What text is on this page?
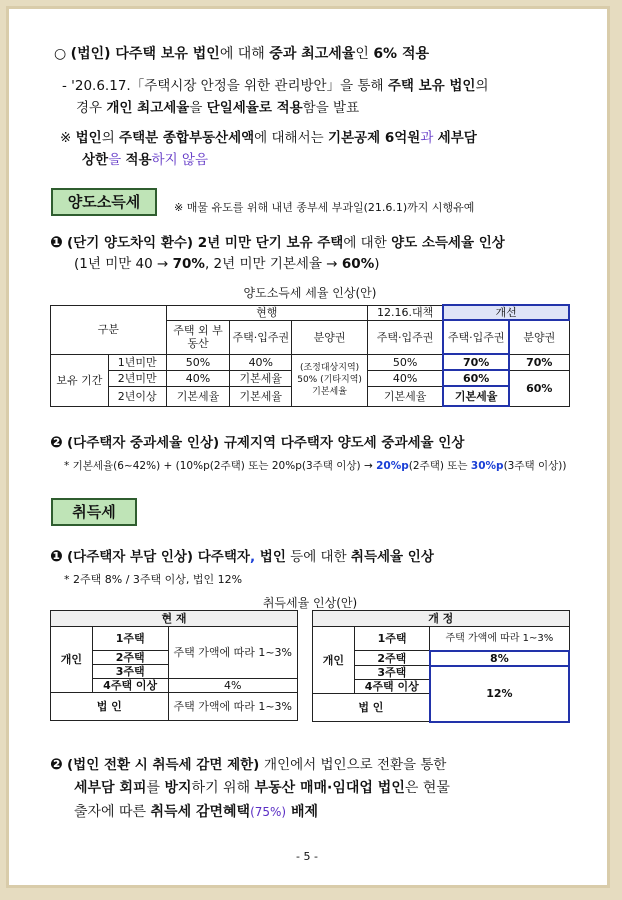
○ (법인) 다주택 보유 법인에 대해 중과 최고세율인 6% 적용
- '20.6.17.「주택시장 안정을 위한 관리방안」을 통해 주택 보유 법인의
경우 개인 최고세율을 단일세율로 적용함을 발표
※ 법인의 주택분 종합부동산세액에 대해서는 기본공제 6억원과 세부담
상한을 적용하지 않음
양도소득세	※ 매물 유도를 위해 내년 종부세 부과일(21.6.1)까지 시행유예
❶ (단기 양도차익 환수) 2년 미만 단기 보유 주택에 대한 양도 소득세율 인상
(1년 미만 40 → 70%, 2년 미만 기본세율 → 60%)
양도소득세 세율 인상(안)
구분		현행			12.16.대책	개선	
		주택 외 부동산	주택·입주권	분양권	주택·입주권	주택·입주권	분양권
보유 기간	1년미만	50%	40%	(조정대상지역) 50% (기타지역) 기본세율	50%	70%	70%
	2년미만	40%	기본세율		40%	60%	60%
	2년이상	기본세율	기본세율		기본세율	기본세율	
❷ (다주택자 중과세율 인상) 규제지역 다주택자 양도세 중과세율 인상
* 기본세율(6~42%) + (10%p(2주택) 또는 20%p(3주택 이상) → 20%p(2주택) 또는 30%p(3주택 이상))
취득세
❶ (다주택자 부담 인상) 다주택자, 법인 등에 대한 취득세율 인상
* 2주택 8% / 3주택 이상, 법인 12%
취득세율 인상(안)
현 재		
개인	1주택	주택 가액에 따라 1~3%
	2주택	
	3주택	
	4주택 이상	4%
법 인		주택 가액에 따라 1~3%
개 정		
개인	1주택	주택 가액에 따라 1~3%
	2주택	8%
	3주택	12%
	4주택 이상	
법 인		
❷ (법인 전환 시 취득세 감면 제한) 개인에서 법인으로 전환을 통한
세부담 회피를 방지하기 위해 부동산 매매·임대업 법인은 현물
출자에 따른 취득세 감면혜택(75%) 배제
- 5 -
